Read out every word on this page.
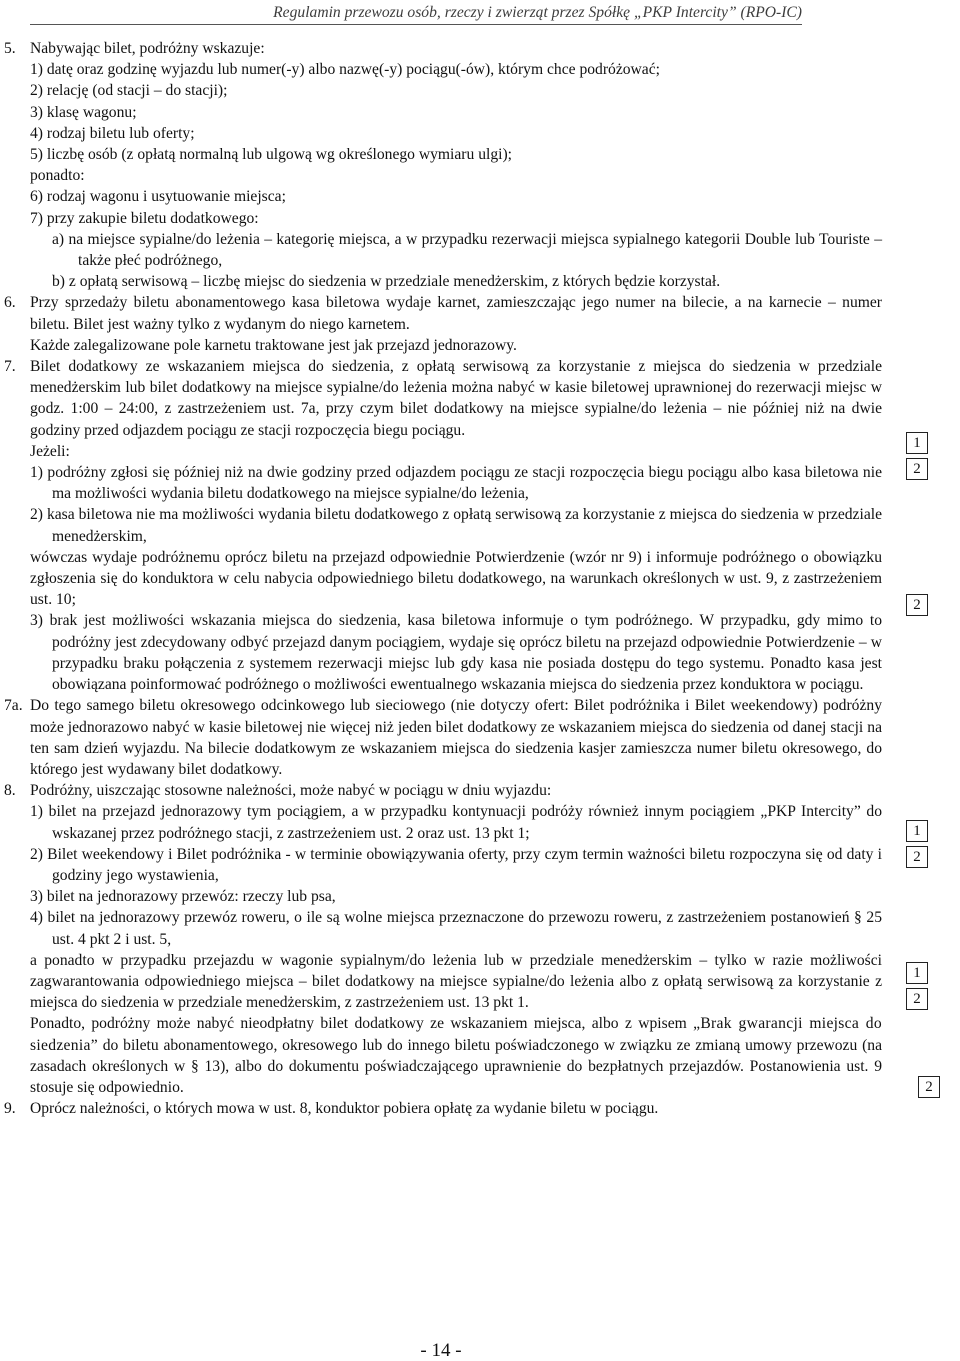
Regulamin przewozu osób, rzeczy i zwierząt przez Spółkę „PKP Intercity” (RPO-IC)

5. Nabywając bilet, podróżny wskazuje:

1) datę oraz godzinę wyjazdu lub numer(-y) albo nazwę(-y) pociągu(-ów), którym chce podróżować;

2) relację (od stacji – do stacji);

3) klasę wagonu;

4) rodzaj biletu lub oferty;

5) liczbę osób (z opłatą normalną lub ulgową wg określonego wymiaru ulgi);

ponadto:

6) rodzaj wagonu i usytuowanie miejsca;

7) przy zakupie biletu dodatkowego:

a) na miejsce sypialne/do leżenia – kategorię miejsca, a w przypadku rezerwacji miejsca sypialnego kategorii Double lub Touriste – także płeć podróżnego,

b) z opłatą serwisową – liczbę miejsc do siedzenia w przedziale menedżerskim, z których będzie korzystał.

6. Przy sprzedaży biletu abonamentowego kasa biletowa wydaje karnet, zamieszczając jego numer na bilecie, a na karnecie – numer biletu. Bilet jest ważny tylko z wydanym do niego karnetem.

Każde zalegalizowane pole karnetu traktowane jest jak przejazd jednorazowy.

7. Bilet dodatkowy ze wskazaniem miejsca do siedzenia, z opłatą serwisową za korzystanie z miejsca do siedzenia w przedziale menedżerskim lub bilet dodatkowy na miejsce sypialne/do leżenia można nabyć w kasie biletowej uprawnionej do rezerwacji miejsc w godz. 1:00 – 24:00, z zastrzeżeniem ust. 7a, przy czym bilet dodatkowy na miejsce sypialne/do leżenia – nie później niż na dwie godziny przed odjazdem pociągu ze stacji rozpoczęcia biegu pociągu.

Jeżeli:

1) podróżny zgłosi się później niż na dwie godziny przed odjazdem pociągu ze stacji rozpoczęcia biegu pociągu albo kasa biletowa nie ma możliwości wydania biletu dodatkowego na miejsce sypialne/do leżenia,

2) kasa biletowa nie ma możliwości wydania biletu dodatkowego z opłatą serwisową za korzystanie z miejsca do siedzenia w przedziale menedżerskim,

wówczas wydaje podróżnemu oprócz biletu na przejazd odpowiednie Potwierdzenie (wzór nr 9) i informuje podróżnego o obowiązku zgłoszenia się do konduktora w celu nabycia odpowiedniego biletu dodatkowego, na warunkach określonych w ust. 9, z zastrzeżeniem ust. 10;

3) brak jest możliwości wskazania miejsca do siedzenia, kasa biletowa informuje o tym podróżnego. W przypadku, gdy mimo to podróżny jest zdecydowany odbyć przejazd danym pociągiem, wydaje się oprócz biletu na przejazd odpowiednie Potwierdzenie – w przypadku braku połączenia z systemem rezerwacji miejsc lub gdy kasa nie posiada dostępu do tego systemu. Ponadto kasa jest obowiązana poinformować podróżnego o możliwości ewentualnego wskazania miejsca do siedzenia przez konduktora w pociągu.

7a. Do tego samego biletu okresowego odcinkowego lub sieciowego (nie dotyczy ofert: Bilet podróżnika i Bilet weekendowy) podróżny może jednorazowo nabyć w kasie biletowej nie więcej niż jeden bilet dodatkowy ze wskazaniem miejsca do siedzenia od danej stacji na ten sam dzień wyjazdu. Na bilecie dodatkowym ze wskazaniem miejsca do siedzenia kasjer zamieszcza numer biletu okresowego, do którego jest wydawany bilet dodatkowy.

8. Podróżny, uiszczając stosowne należności, może nabyć w pociągu w dniu wyjazdu:

1) bilet na przejazd jednorazowy tym pociągiem, a w przypadku kontynuacji podróży również innym pociągiem „PKP Intercity” do wskazanej przez podróżnego stacji, z zastrzeżeniem ust. 2 oraz ust. 13 pkt 1;

2) Bilet weekendowy i Bilet podróżnika - w terminie obowiązywania oferty, przy czym termin ważności biletu rozpoczyna się od daty i godziny jego wystawienia,

3) bilet na jednorazowy przewóz: rzeczy lub psa,

4) bilet na jednorazowy przewóz roweru, o ile są wolne miejsca przeznaczone do przewozu roweru, z zastrzeżeniem postanowień § 25 ust. 4 pkt 2 i ust. 5,

a ponadto w przypadku przejazdu w wagonie sypialnym/do leżenia lub w przedziale menedżerskim – tylko w razie możliwości zagwarantowania odpowiedniego miejsca – bilet dodatkowy na miejsce sypialne/do leżenia albo z opłatą serwisową za korzystanie z miejsca do siedzenia w przedziale menedżerskim, z zastrzeżeniem ust. 13 pkt 1.

Ponadto, podróżny może nabyć nieodpłatny bilet dodatkowy ze wskazaniem miejsca, albo z wpisem „Brak gwarancji miejsca do siedzenia” do biletu abonamentowego, okresowego lub do innego biletu poświadczonego w związku ze zmianą umowy przewozu (na zasadach określonych w § 13), albo do dokumentu poświadczającego uprawnienie do bezpłatnych przejazdów. Postanowienia ust. 9 stosuje się odpowiednio.

9. Oprócz należności, o których mowa w ust. 8, konduktor pobiera opłatę za wydanie biletu w pociągu.

1
2
2
1
2
1
2
2
- 14 -
